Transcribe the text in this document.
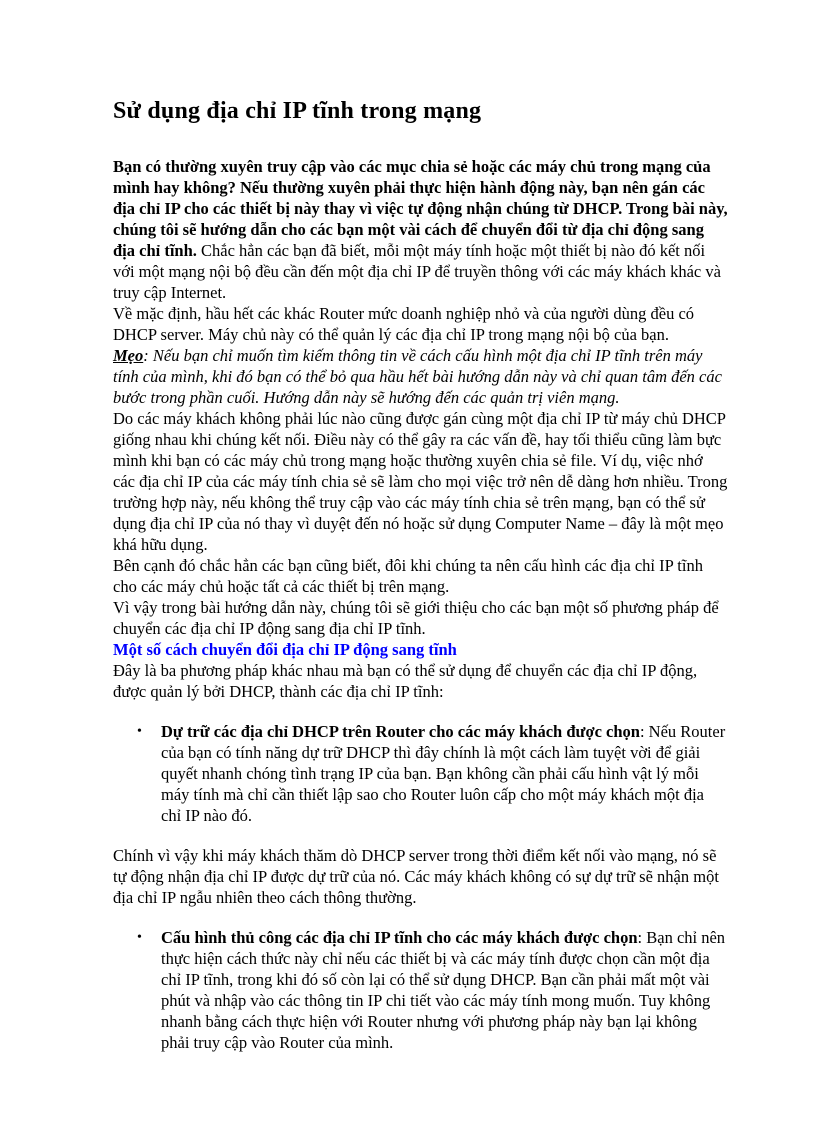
Sử dụng địa chỉ IP tĩnh trong mạng

Bạn có thường xuyên truy cập vào các mục chia sẻ hoặc các máy chủ trong mạng của mình hay không? Nếu thường xuyên phải thực hiện hành động này, bạn nên gán các địa chỉ IP cho các thiết bị này thay vì việc tự động nhận chúng từ DHCP. Trong bài này, chúng tôi sẽ hướng dẫn cho các bạn một vài cách để chuyển đổi từ địa chỉ động sang địa chỉ tĩnh. Chắc hẳn các bạn đã biết, mỗi một máy tính hoặc một thiết bị nào đó kết nối với một mạng nội bộ đều cần đến một địa chỉ IP để truyền thông với các máy khách khác và truy cập Internet.

Về mặc định, hầu hết các khác Router mức doanh nghiệp nhỏ và của người dùng đều có DHCP server. Máy chủ này có thể quản lý các địa chỉ IP trong mạng nội bộ của bạn.

Mẹo: Nếu bạn chỉ muốn tìm kiếm thông tin về cách cấu hình một địa chỉ IP tĩnh trên máy tính của mình, khi đó bạn có thể bỏ qua hầu hết bài hướng dẫn này và chỉ quan tâm đến các bước trong phần cuối. Hướng dẫn này sẽ hướng đến các quản trị viên mạng.

Do các máy khách không phải lúc nào cũng được gán cùng một địa chỉ IP từ máy chủ DHCP giống nhau khi chúng kết nối. Điều này có thể gây ra các vấn đề, hay tối thiểu cũng làm bực mình khi bạn có các máy chủ trong mạng hoặc thường xuyên chia sẻ file. Ví dụ, việc nhớ các địa chỉ IP của các máy tính chia sẻ sẽ làm cho mọi việc trở nên dễ dàng hơn nhiều. Trong trường hợp này, nếu không thể truy cập vào các máy tính chia sẻ trên mạng, bạn có thể sử dụng địa chỉ IP của nó thay vì duyệt đến nó hoặc sử dụng Computer Name – đây là một mẹo khá hữu dụng.

Bên cạnh đó chắc hẳn các bạn cũng biết, đôi khi chúng ta nên cấu hình các địa chỉ IP tĩnh cho các máy chủ hoặc tất cả các thiết bị trên mạng.

Vì vậy trong bài hướng dẫn này, chúng tôi sẽ giới thiệu cho các bạn một số phương pháp để chuyển các địa chỉ IP động sang địa chỉ IP tĩnh.

Một số cách chuyển đổi địa chỉ IP động sang tĩnh

Đây là ba phương pháp khác nhau mà bạn có thể sử dụng để chuyển các địa chỉ IP động, được quản lý bởi DHCP, thành các địa chỉ IP tĩnh:

•	Dự trữ các địa chỉ DHCP trên Router cho các máy khách được chọn: Nếu Router của bạn có tính năng dự trữ DHCP thì đây chính là một cách làm tuyệt vời để giải quyết nhanh chóng tình trạng IP của bạn. Bạn không cần phải cấu hình vật lý mỗi máy tính mà chỉ cần thiết lập sao cho Router luôn cấp cho một máy khách một địa chỉ IP nào đó.

Chính vì vậy khi máy khách thăm dò DHCP server trong thời điểm kết nối vào mạng, nó sẽ tự động nhận địa chỉ IP được dự trữ của nó. Các máy khách không có sự dự trữ sẽ nhận một địa chỉ IP ngẫu nhiên theo cách thông thường.

•	Cấu hình thủ công các địa chỉ IP tĩnh cho các máy khách được chọn: Bạn chỉ nên thực hiện cách thức này chỉ nếu các thiết bị và các máy tính được chọn cần một địa chỉ IP tĩnh, trong khi đó số còn lại có thể sử dụng DHCP. Bạn cần phải mất một vài phút và nhập vào các thông tin IP chi tiết vào các máy tính mong muốn. Tuy không nhanh bằng cách thực hiện với Router nhưng với phương pháp này bạn lại không phải truy cập vào Router của mình.
